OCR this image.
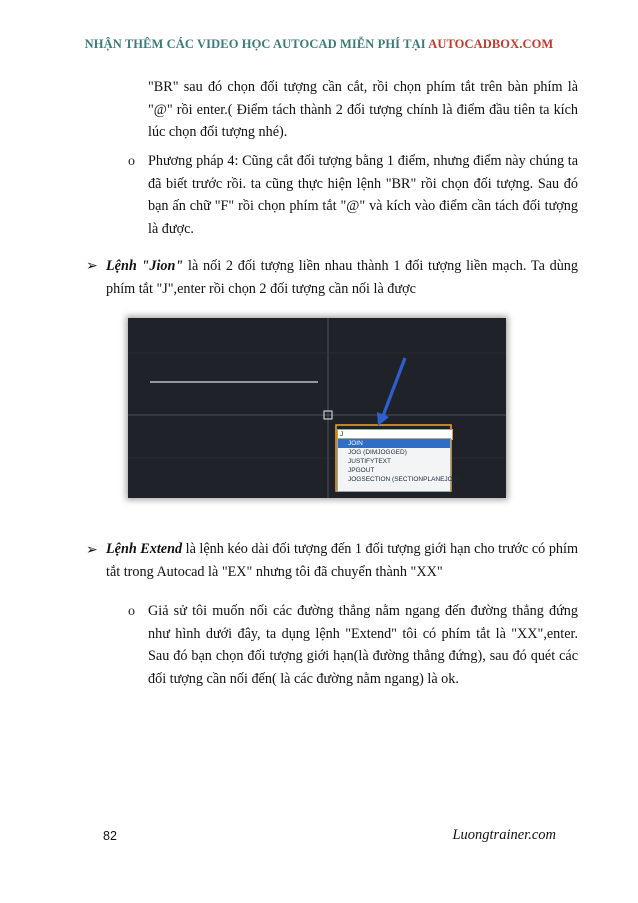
NHẬN THÊM CÁC VIDEO HỌC AUTOCAD MIỄN PHÍ TẠI AUTOCADBOX.COM
"BR" sau đó chọn đối tượng cần cắt, rồi chọn phím tắt trên bàn phím là "@" rồi enter.( Điểm tách thành 2 đối tượng chính là điểm đầu tiên ta kích lúc chọn đối tượng nhé).
o Phương pháp 4: Cũng cắt đối tượng bằng 1 điểm, nhưng điểm này chúng ta đã biết trước rồi. ta cũng thực hiện lệnh "BR" rồi chọn đối tượng. Sau đó bạn ấn chữ "F" rồi chọn phím tắt "@" và kích vào điểm cần tách đối tượng là được.
➢ Lệnh "Jion" là nối 2 đối tượng liền nhau thành 1 đối tượng liền mạch. Ta dùng phím tắt "J",enter rồi chọn 2 đối tượng cần nối là được
J
JOIN
JOG (DIMJOGGED)
JUSTIFYTEXT
JPGOUT
JOGSECTION (SECTIONPLANEJOG)
➢ Lệnh Extend là lệnh kéo dài đối tượng đến 1 đối tượng giới hạn cho trước có phím tắt trong Autocad là "EX" nhưng tôi đã chuyển thành "XX"
o Giả sử tôi muốn nối các đường thẳng nằm ngang đến đường thẳng đứng như hình dưới đây, ta dụng lệnh "Extend" tôi có phím tắt là "XX",enter. Sau đó bạn chọn đối tượng giới hạn(là đường thẳng đứng), sau đó quét các đối tượng cần nối đến( là các đường nằm ngang) là ok.
82	Luongtrainer.com
